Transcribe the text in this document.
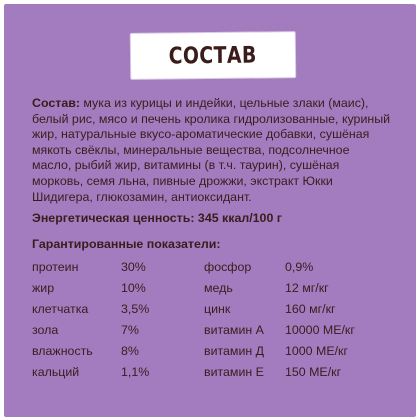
СОСТАВ
Состав: мука из курицы и индейки, цельные злаки (маис), белый рис, мясо и печень кролика гидролизованные, куриный жир, натуральные вкусо-ароматические добавки, сушёная мякоть свёклы, минеральные вещества, подсолнечное масло, рыбий жир, витамины (в т.ч. таурин), сушёная морковь, семя льна, пивные дрожжи, экстракт Юкки Шидигера, глюкозамин, антиоксидант.
Энергетическая ценность: 345 ккал/100 г
Гарантированные показатели:
протеин	30%	фосфор	0,9%
жир	10%	медь	12 мг/кг
клетчатка	3,5%	цинк	160 мг/кг
зола	7%	витамин А 10000 МЕ/кг
влажность 8%	витамин Д 1000 МЕ/кг
кальций	1,1%	витамин Е 150 МЕ/кг
